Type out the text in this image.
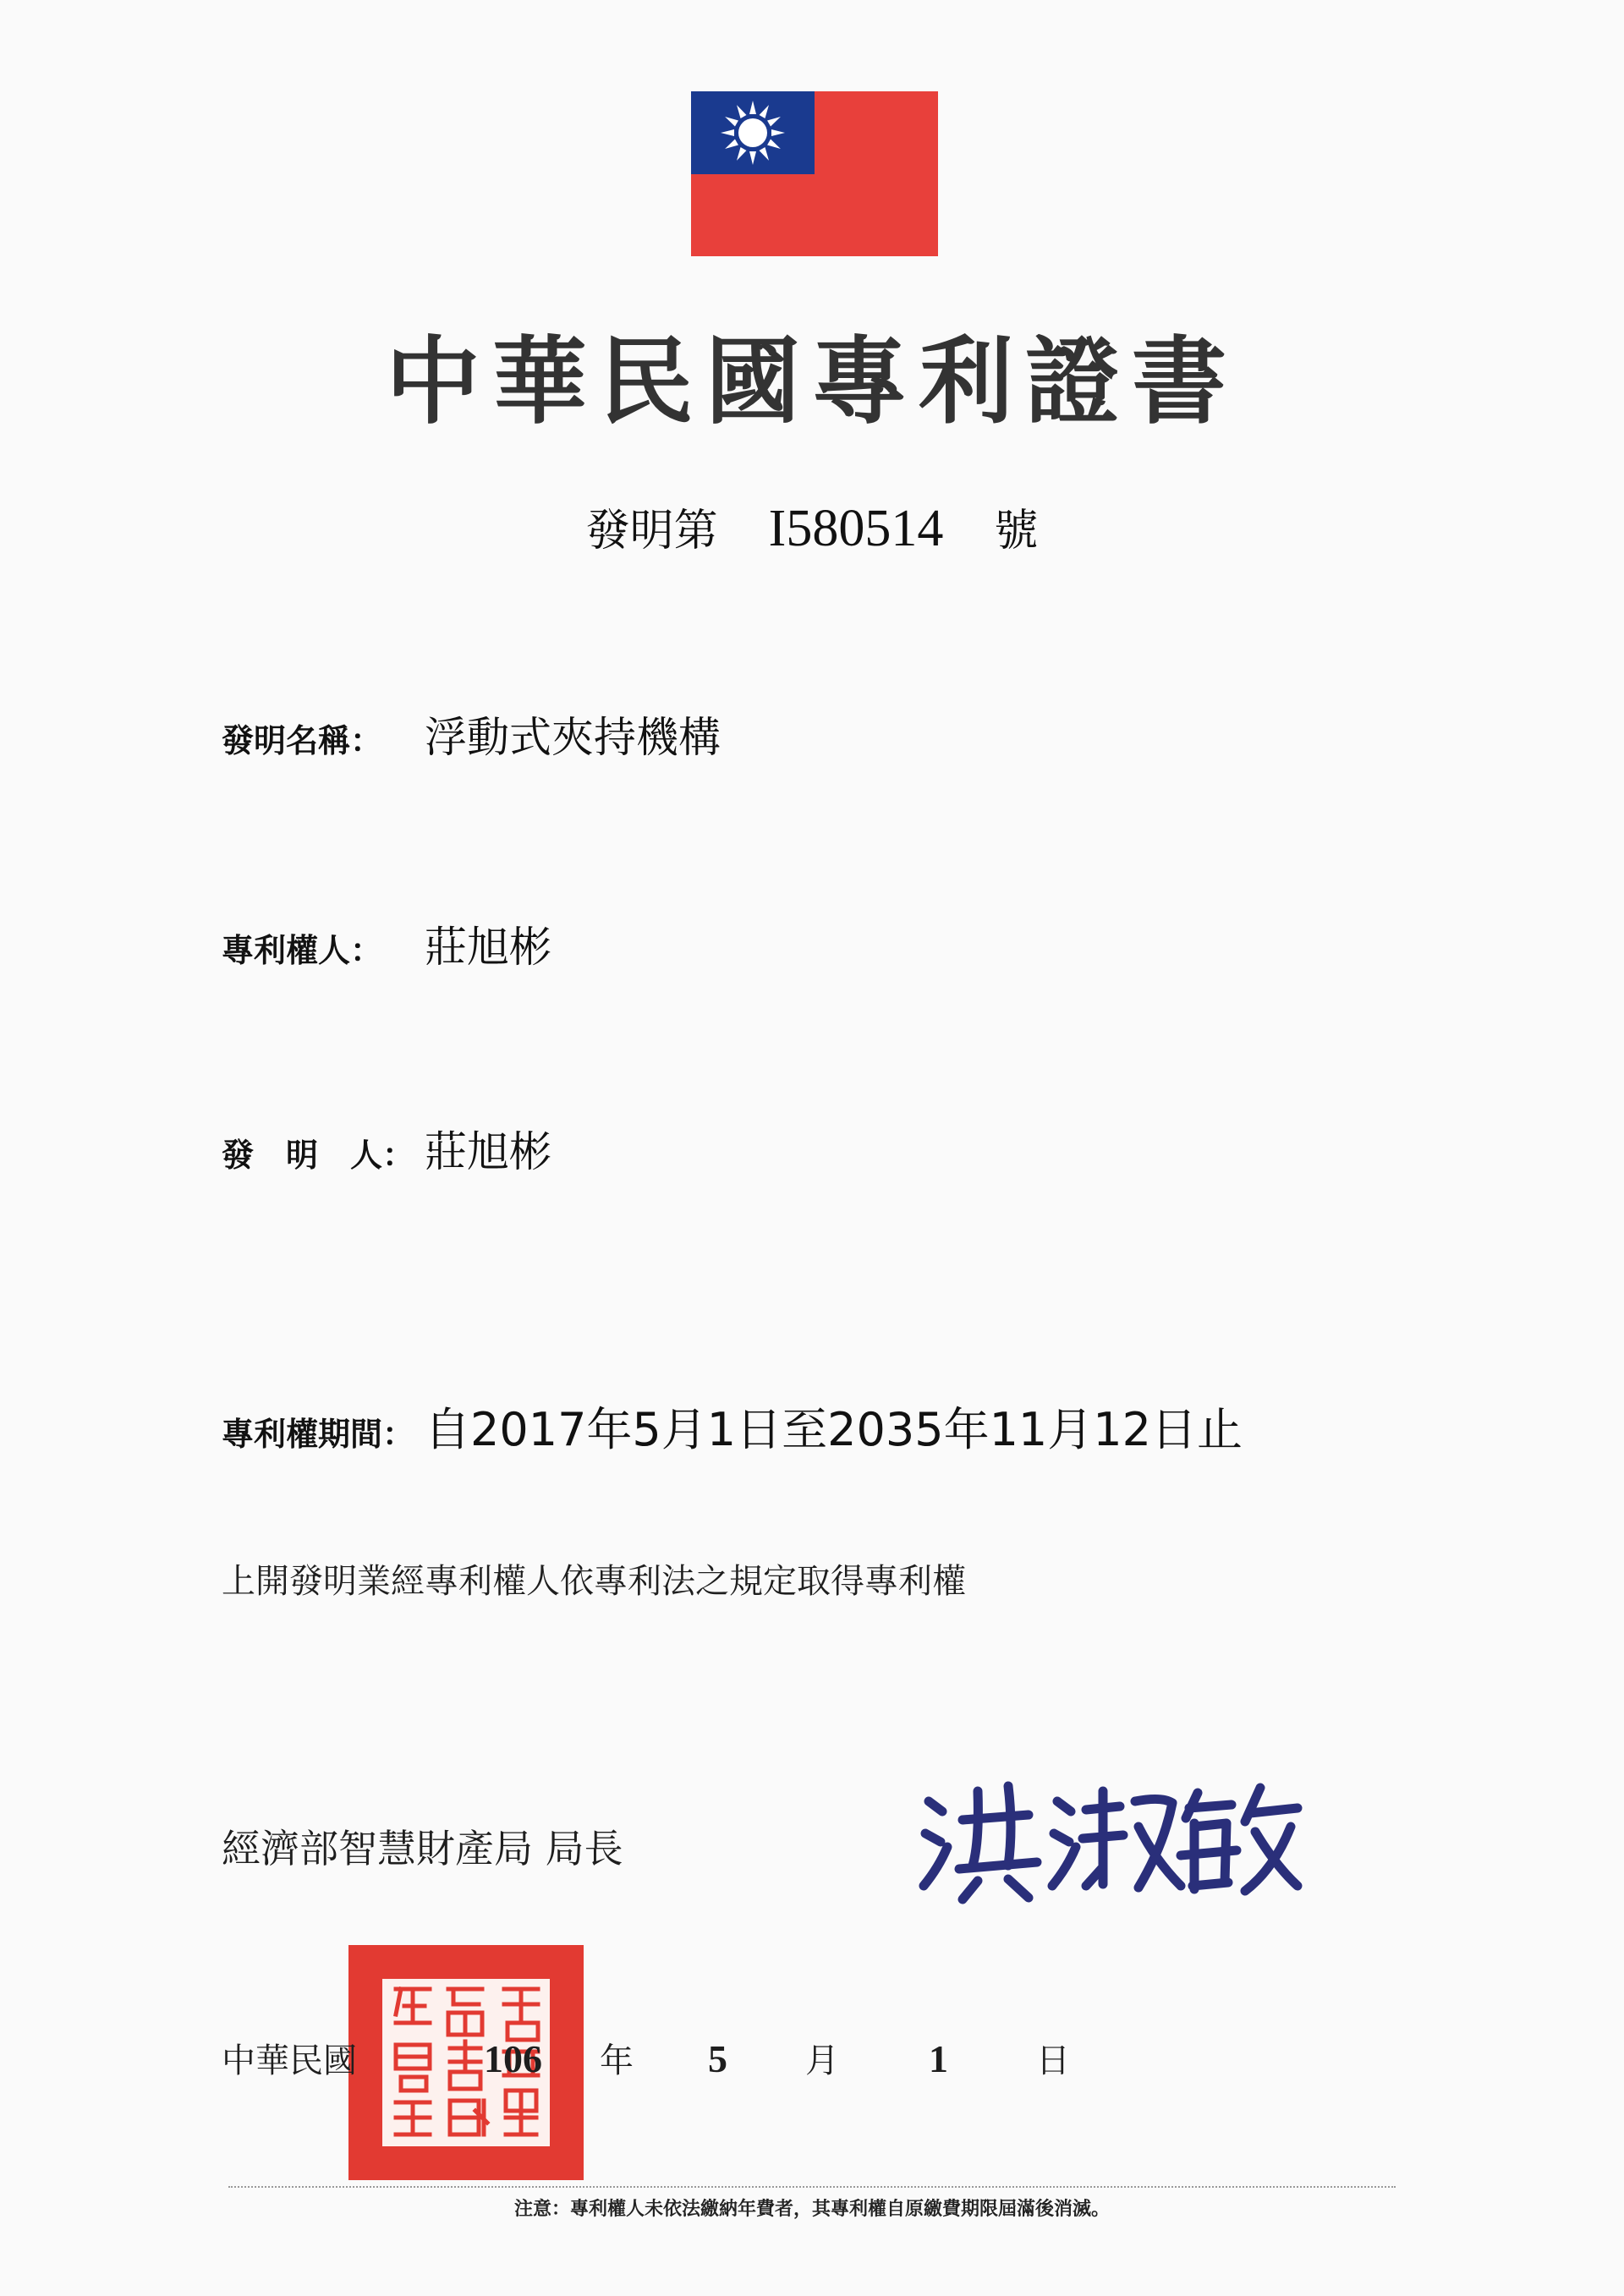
中華民國專利證書
發明第 I580514 號
發明名稱： 浮動式夾持機構
專利權人： 莊旭彬
發　明　人： 莊旭彬
專利權期間： 自2017年5月1日至2035年11月12日止
上開發明業經專利權人依專利法之規定取得專利權
經濟部智慧財產局 局長
中華民國	106 年 5 月 1	日
注意：專利權人未依法繳納年費者，其專利權自原繳費期限屆滿後消滅。
